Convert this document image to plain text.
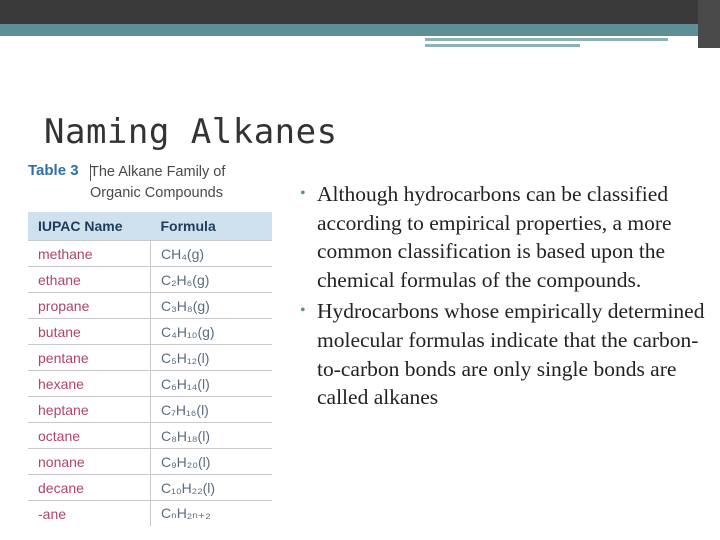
Naming Alkanes
Table 3 The Alkane Family of
Organic Compounds
IUPAC Name	Formula
methane	CH₄(g)
ethane	C₂H₆(g)
propane	C₃H₈(g)
butane	C₄H₁₀(g)
pentane	C₅H₁₂(l)
hexane	C₆H₁₄(l)
heptane	C₇H₁₆(l)
octane	C₈H₁₈(l)
nonane	C₉H₂₀(l)
decane	C₁₀H₂₂(l)
-ane	CₙH₂ₙ₊₂
• Although hydrocarbons can be classified according to empirical properties, a more common classification is based upon the chemical formulas of the compounds.
• Hydrocarbons whose empirically determined molecular formulas indicate that the carbon-to-carbon bonds are only single bonds are called alkanes
